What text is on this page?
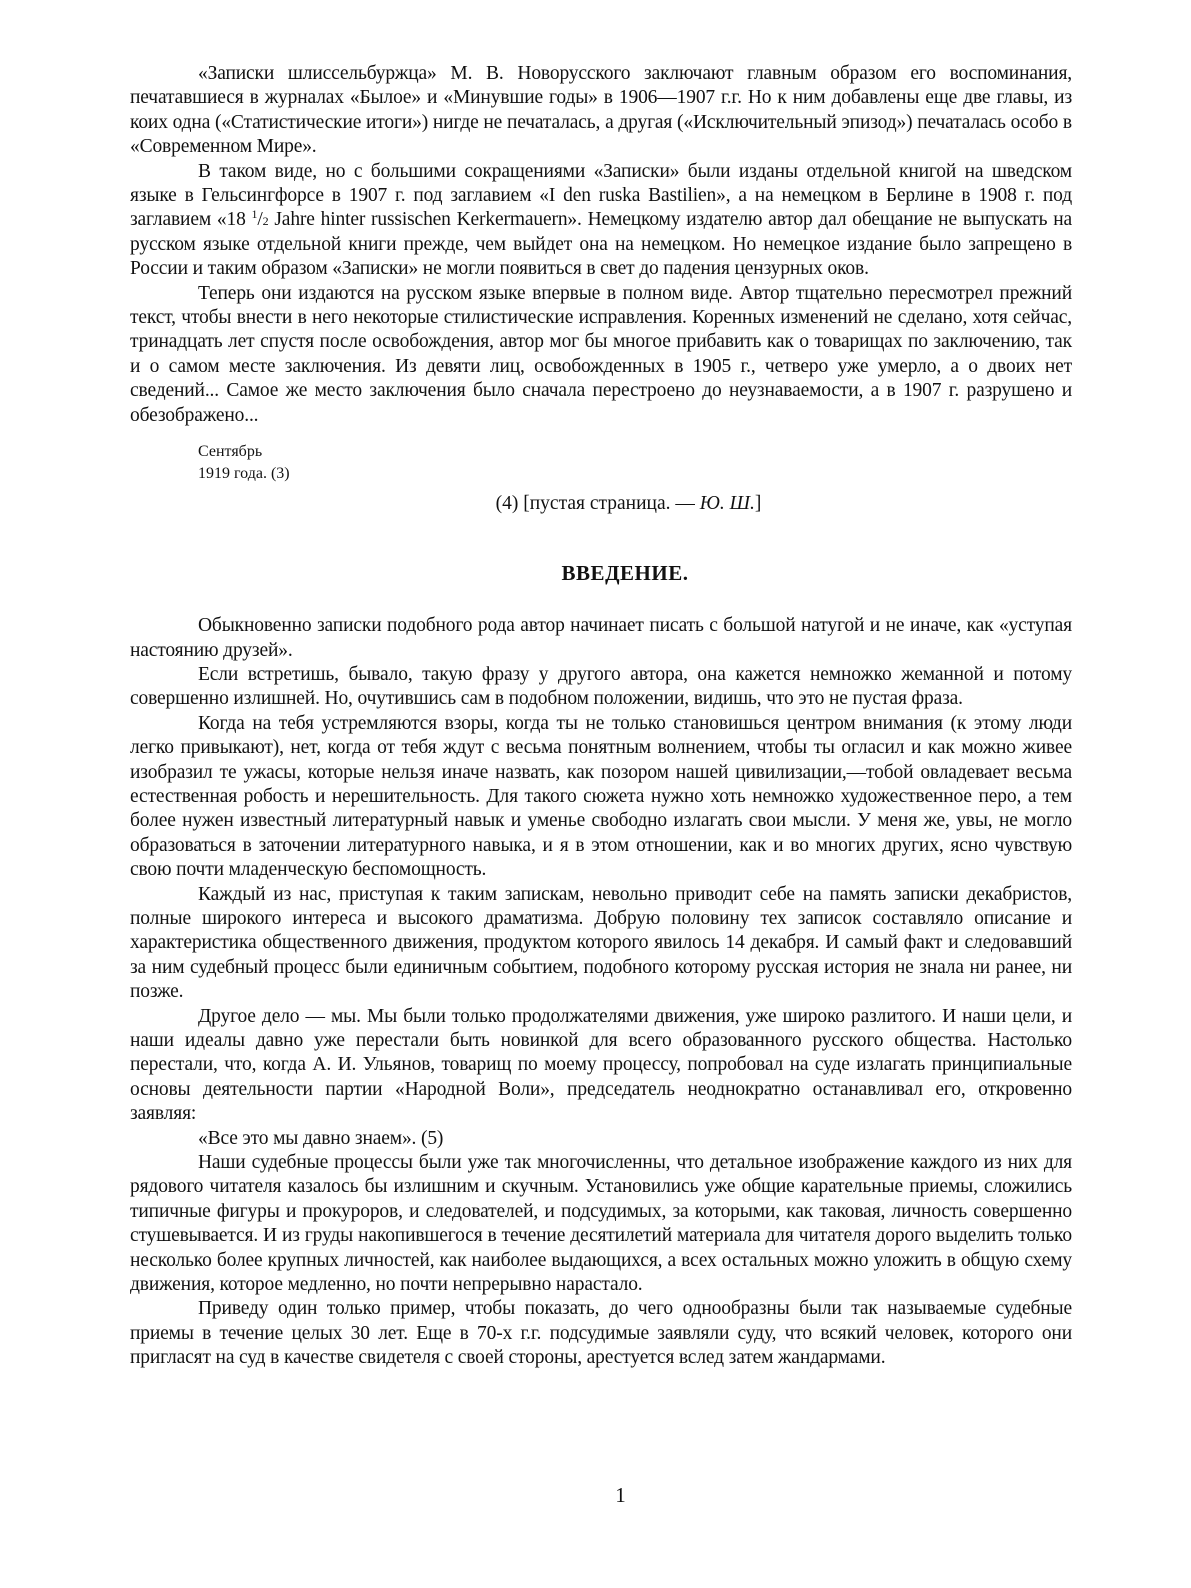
«Записки шлиссельбуржца» М. В. Новорусского заключают главным образом его воспоминания, печатавшиеся в журналах «Былое» и «Минувшие годы» в 1906—1907 г.г. Но к ним добавлены еще две главы, из коих одна («Статистические итоги») нигде не печаталась, а другая («Исключительный эпизод») печаталась особо в «Современном Мире».

В таком виде, но с большими сокращениями «Записки» были изданы отдельной книгой на шведском языке в Гельсингфорсе в 1907 г. под заглавием «I den ruska Bastilien», а на немецком в Берлине в 1908 г. под заглавием «18 $^1$/2 Jahre hinter russischen Kerkermauern». Немецкому издателю автор дал обещание не выпускать на русском языке отдельной книги прежде, чем выйдет она на немецком. Но немецкое издание было запрещено в России и таким образом «Записки» не могли появиться в свет до падения цензурных оков.

Теперь они издаются на русском языке впервые в полном виде. Автор тщательно пересмотрел прежний текст, чтобы внести в него некоторые стилистические исправления. Коренных изменений не сделано, хотя сейчас, тринадцать лет спустя после освобождения, автор мог бы многое прибавить как о товарищах по заключению, так и о самом месте заключения. Из девяти лиц, освобожденных в 1905 г., четверо уже умерло, а о двоих нет сведений... Самое же место заключения было сначала перестроено до неузнаваемости, а в 1907 г. разрушено и обезображено...

Сентябрь
1919 года. (3)
(4) [пустая страница. — Ю. Ш.]
ВВЕДЕНИЕ.

Обыкновенно записки подобного рода автор начинает писать с большой натугой и не иначе, как «уступая настоянию друзей».

Если встретишь, бывало, такую фразу у другого автора, она кажется немножко жеманной и потому совершенно излишней. Но, очутившись сам в подобном положении, видишь, что это не пустая фраза.

Когда на тебя устремляются взоры, когда ты не только становишься центром внимания (к этому люди легко привыкают), нет, когда от тебя ждут с весьма понятным волнением, чтобы ты огласил и как можно живее изобразил те ужасы, которые нельзя иначе назвать, как позором нашей цивилизации,—тобой овладевает весьма естественная робость и нерешительность. Для такого сюжета нужно хоть немножко художественное перо, а тем более нужен известный литературный навык и уменье свободно излагать свои мысли. У меня же, увы, не могло образоваться в заточении литературного навыка, и я в этом отношении, как и во многих других, ясно чувствую свою почти младенческую беспомощность.

Каждый из нас, приступая к таким запискам, невольно приводит себе на память записки декабристов, полные широкого интереса и высокого драматизма. Добрую половину тех записок составляло описание и характеристика общественного движения, продуктом которого явилось 14 декабря. И самый факт и следовавший за ним судебный процесс были единичным событием, подобного которому русская история не знала ни ранее, ни позже.

Другое дело — мы. Мы были только продолжателями движения, уже широко разлитого. И наши цели, и наши идеалы давно уже перестали быть новинкой для всего образованного русского общества. Настолько перестали, что, когда А. И. Ульянов, товарищ по моему процессу, попробовал на суде излагать принципиальные основы деятельности партии «Народной Воли», председатель неоднократно останавливал его, откровенно заявляя:

«Все это мы давно знаем». (5)

Наши судебные процессы были уже так многочисленны, что детальное изображение каждого из них для рядового читателя казалось бы излишним и скучным. Установились уже общие карательные приемы, сложились типичные фигуры и прокуроров, и следователей, и подсудимых, за которыми, как таковая, личность совершенно стушевывается. И из груды накопившегося в течение десятилетий материала для читателя дорого выделить только несколько более крупных личностей, как наиболее выдающихся, а всех остальных можно уложить в общую схему движения, которое медленно, но почти непрерывно нарастало.

Приведу один только пример, чтобы показать, до чего однообразны были так называемые судебные приемы в течение целых 30 лет. Еще в 70-х г.г. подсудимые заявляли суду, что всякий человек, которого они пригласят на суд в качестве свидетеля с своей стороны, арестуется вслед затем жандармами.

1
